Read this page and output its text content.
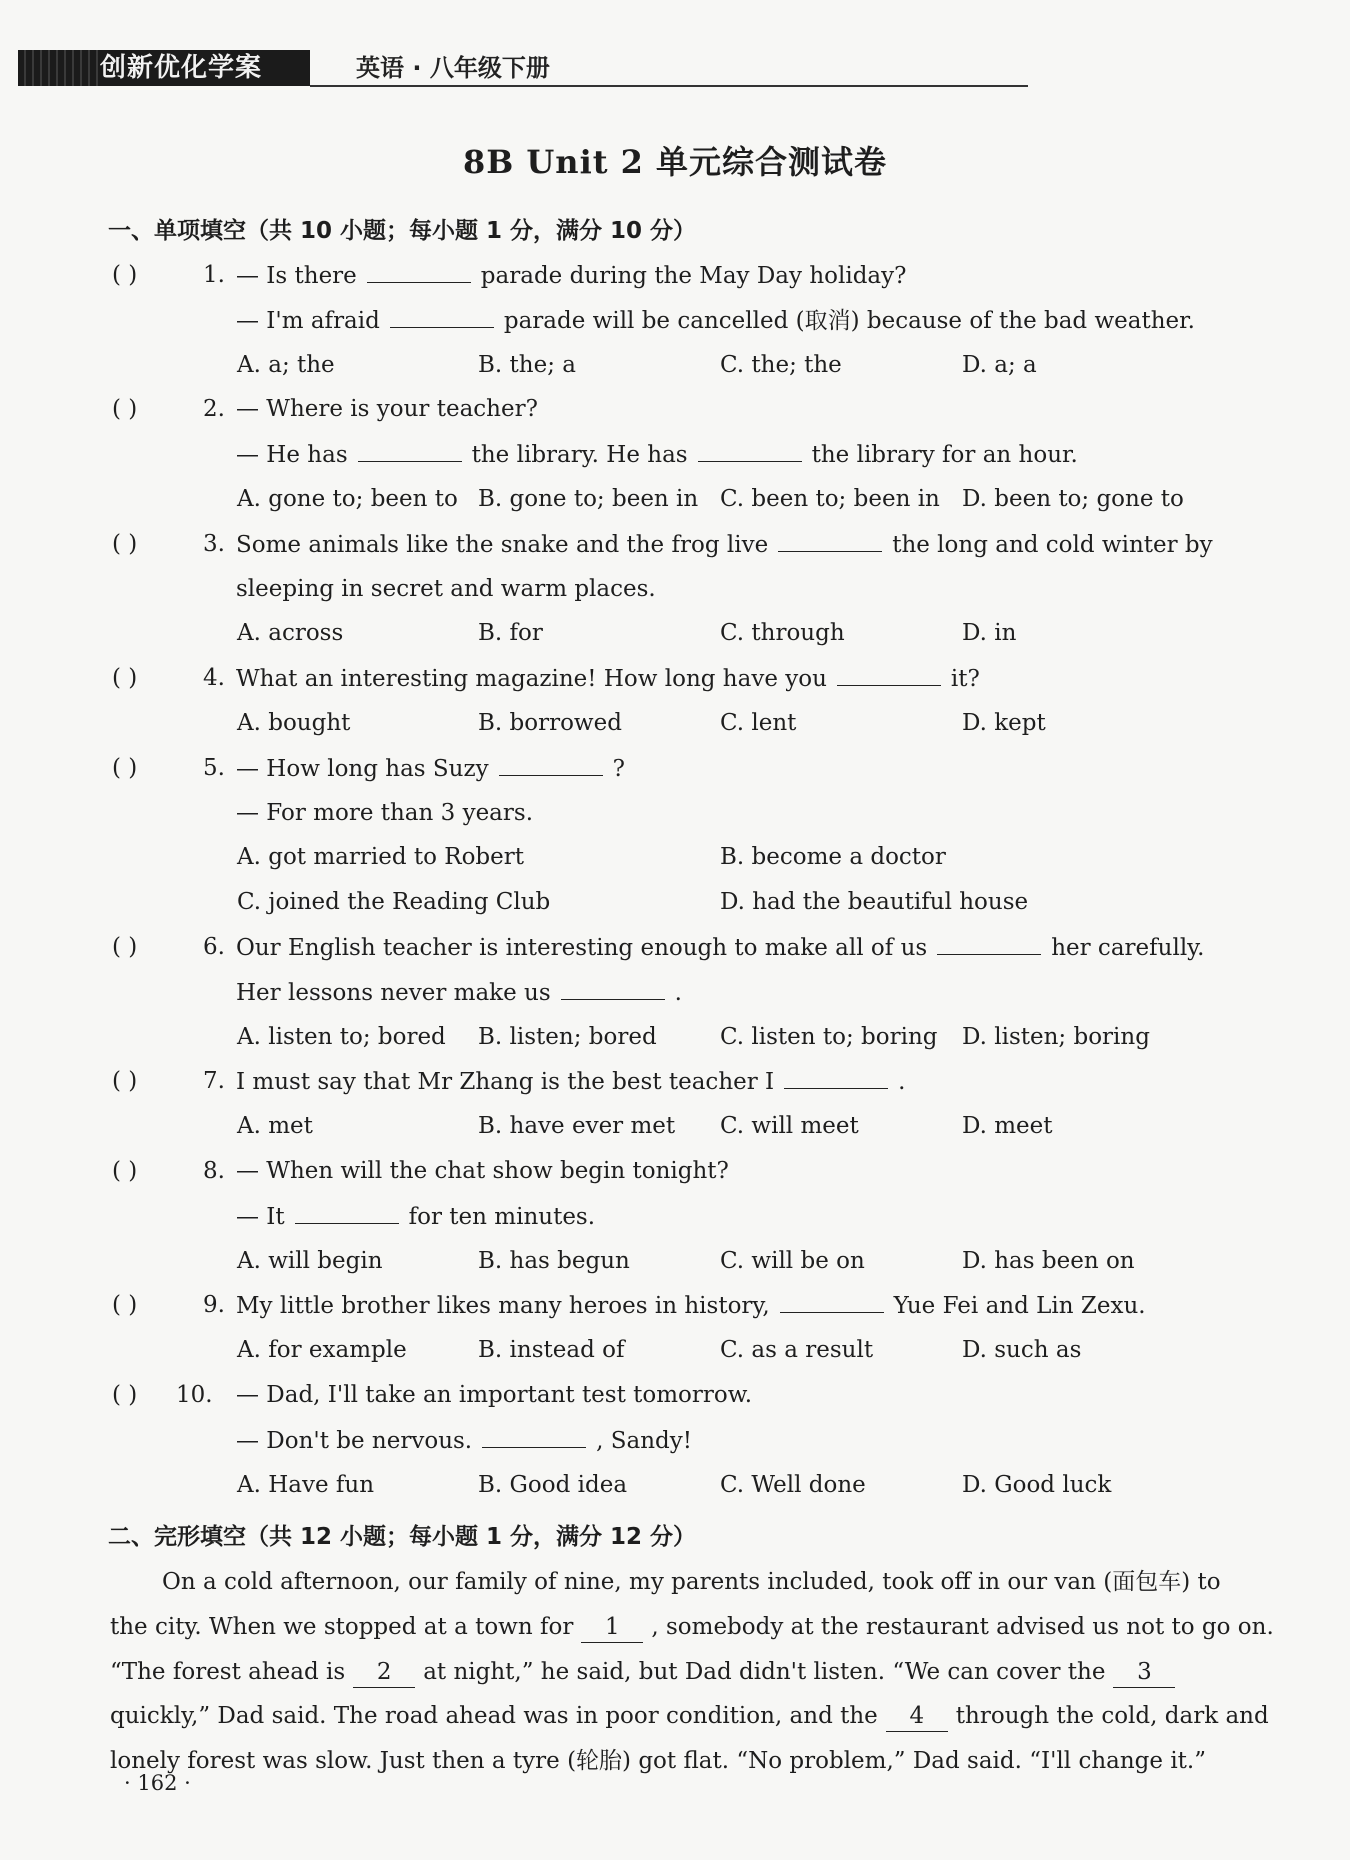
创新优化学案	英语 · 八年级下册
8B Unit 2 单元综合测试卷
一、单项填空（共 10 小题；每小题 1 分，满分 10 分）
( )	1. — Is there	parade during the May Day holiday?
— I'm afraid	parade will be cancelled (取消) because of the bad weather.
A. a; the	B. the; a	C. the; the	D. a; a
( )	2. — Where is your teacher?
— He has	the library. He has	the library for an hour.
A. gone to; been to B. gone to; been in C. been to; been in D. been to; gone to
( )	3. Some animals like the snake and the frog live	the long and cold winter by
sleeping in secret and warm places.
A. across	B. for	C. through	D. in
( )	4. What an interesting magazine! How long have you	it?
A. bought	B. borrowed	C. lent	D. kept
( )	5. — How long has Suzy	?
— For more than 3 years.
A. got married to Robert	B. become a doctor
C. joined the Reading Club	D. had the beautiful house
( )	6. Our English teacher is interesting enough to make all of us	her carefully.
Her lessons never make us	.
A. listen to; bored B. listen; bored	C. listen to; boring D. listen; boring
( )	7. I must say that Mr Zhang is the best teacher I	.
A. met	B. have ever met C. will meet	D. meet
( )	8. — When will the chat show begin tonight?
— It	for ten minutes.
A. will begin	B. has begun	C. will be on	D. has been on
( )	9. My little brother likes many heroes in history,	Yue Fei and Lin Zexu.
A. for example	B. instead of	C. as a result	D. such as
( ) 10. — Dad, I'll take an important test tomorrow.
— Don't be nervous.	, Sandy!
A. Have fun	B. Good idea	C. Well done	D. Good luck
二、完形填空（共 12 小题；每小题 1 分，满分 12 分）
On a cold afternoon, our family of nine, my parents included, took off in our van (面包车) to
the city. When we stopped at a town for 1 , somebody at the restaurant advised us not to go on.
“The forest ahead is 2 at night,” he said, but Dad didn't listen. “We can cover the 3
quickly,” Dad said. The road ahead was in poor condition, and the 4 through the cold, dark and
lonely forest was slow. Just then a tyre (轮胎) got flat. “No problem,” Dad said. “I'll change it.”
· 162 ·
